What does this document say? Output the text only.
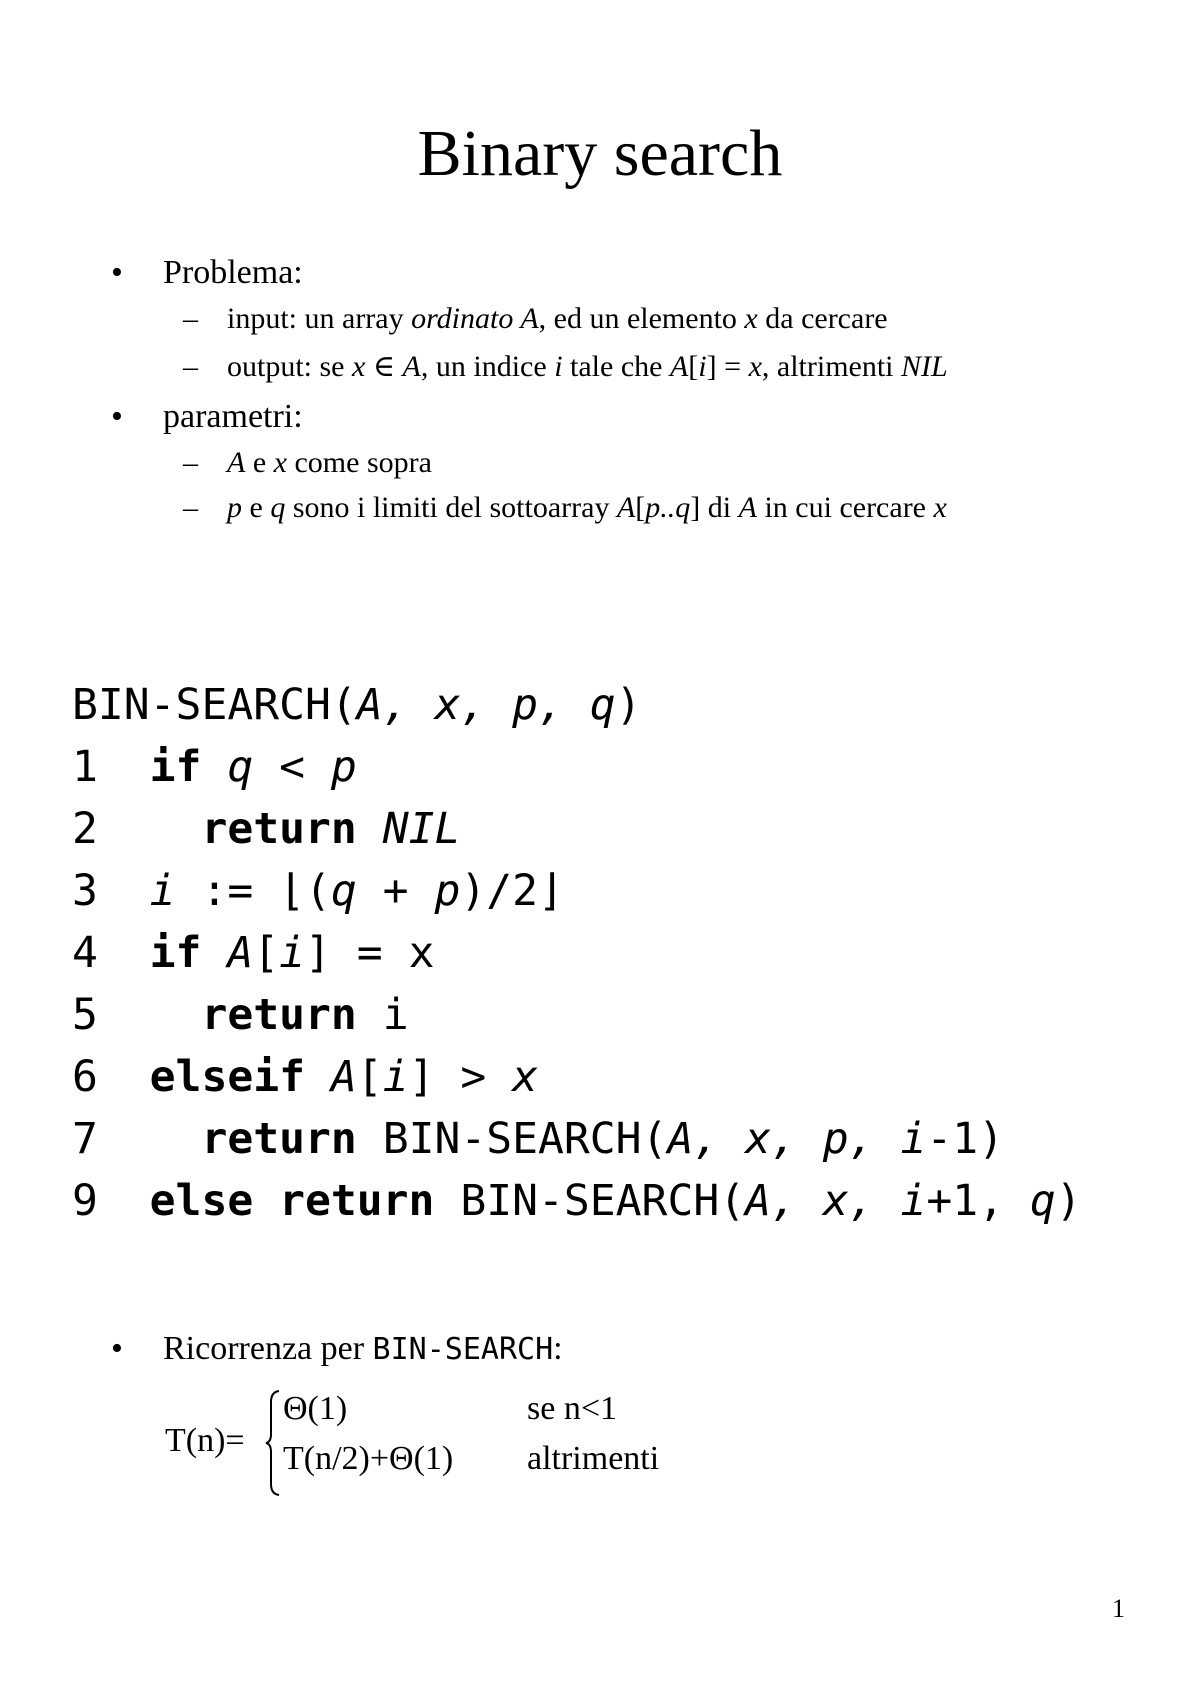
Binary search
• Problema:
– input: un array ordinato A, ed un elemento x da cercare
– output: se x ∈ A, un indice i tale che A[i] = x, altrimenti NIL
• parametri:
– A e x come sopra
– p e q sono i limiti del sottoarray A[p..q] di A in cui cercare x
BIN-SEARCH(A, x, p, q)
1 if q < p
2 return NIL
3 i := ⌊(q + p)/2⌋
4 if A[i] = x
5 return i
6 elseif A[i] > x
7 return BIN-SEARCH(A, x, p, i-1)
9 else return BIN-SEARCH(A, x, i+1, q)
• Ricorrenza per BIN-SEARCH:
T(n)=
Θ(1)	se n<1
T(n/2)+Θ(1) altrimenti
1
